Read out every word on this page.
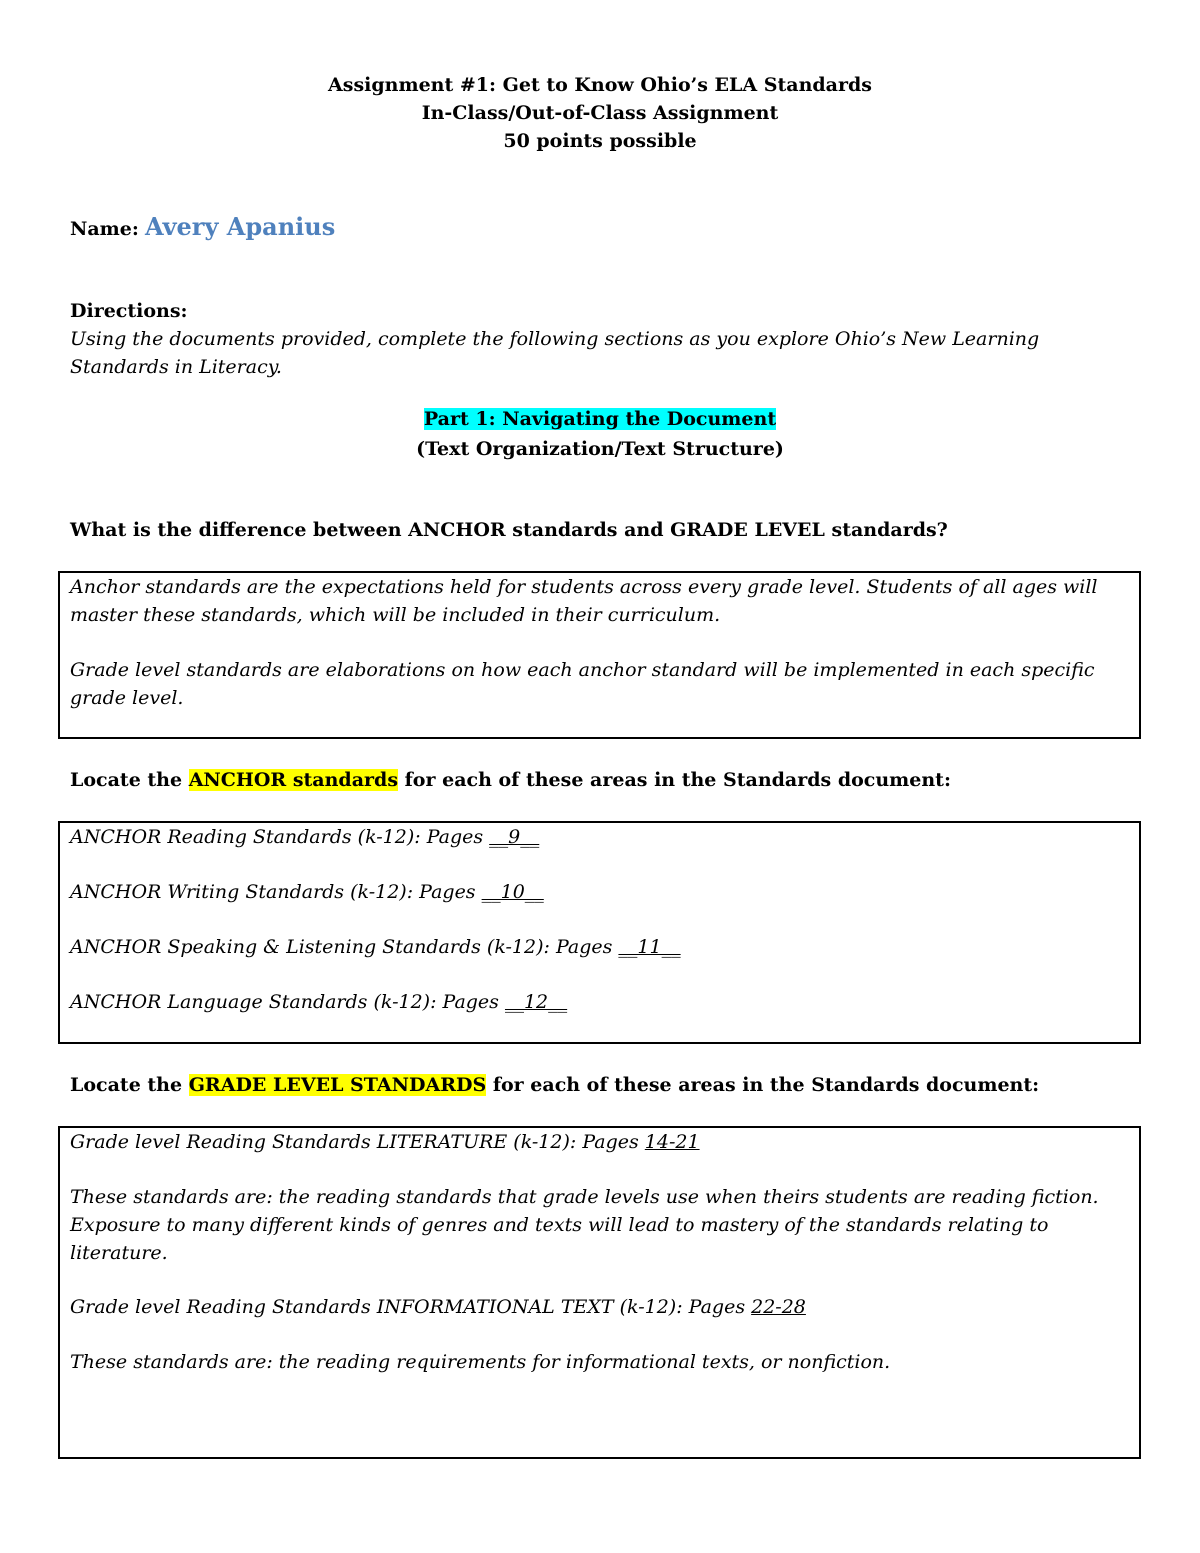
Assignment #1: Get to Know Ohio’s ELA Standards
In-Class/Out-of-Class Assignment
50 points possible
Name: Avery Apanius
Directions:
Using the documents provided, complete the following sections as you explore Ohio’s New Learning
Standards in Literacy.
Part 1: Navigating the Document
(Text Organization/Text Structure)
What is the difference between ANCHOR standards and GRADE LEVEL standards?
Anchor standards are the expectations held for students across every grade level. Students of all ages will
master these standards, which will be included in their curriculum.
Grade level standards are elaborations on how each anchor standard will be implemented in each specific
grade level.
Locate the ANCHOR standards for each of these areas in the Standards document:
ANCHOR Reading Standards (k-12): Pages __9__
ANCHOR Writing Standards (k-12): Pages __10__
ANCHOR Speaking & Listening Standards (k-12): Pages __11__
ANCHOR Language Standards (k-12): Pages __12__
Locate the GRADE LEVEL STANDARDS for each of these areas in the Standards document:
Grade level Reading Standards LITERATURE (k-12): Pages 14-21
These standards are: the reading standards that grade levels use when theirs students are reading fiction.
Exposure to many different kinds of genres and texts will lead to mastery of the standards relating to
literature.
Grade level Reading Standards INFORMATIONAL TEXT (k-12): Pages 22-28
These standards are: the reading requirements for informational texts, or nonfiction.
